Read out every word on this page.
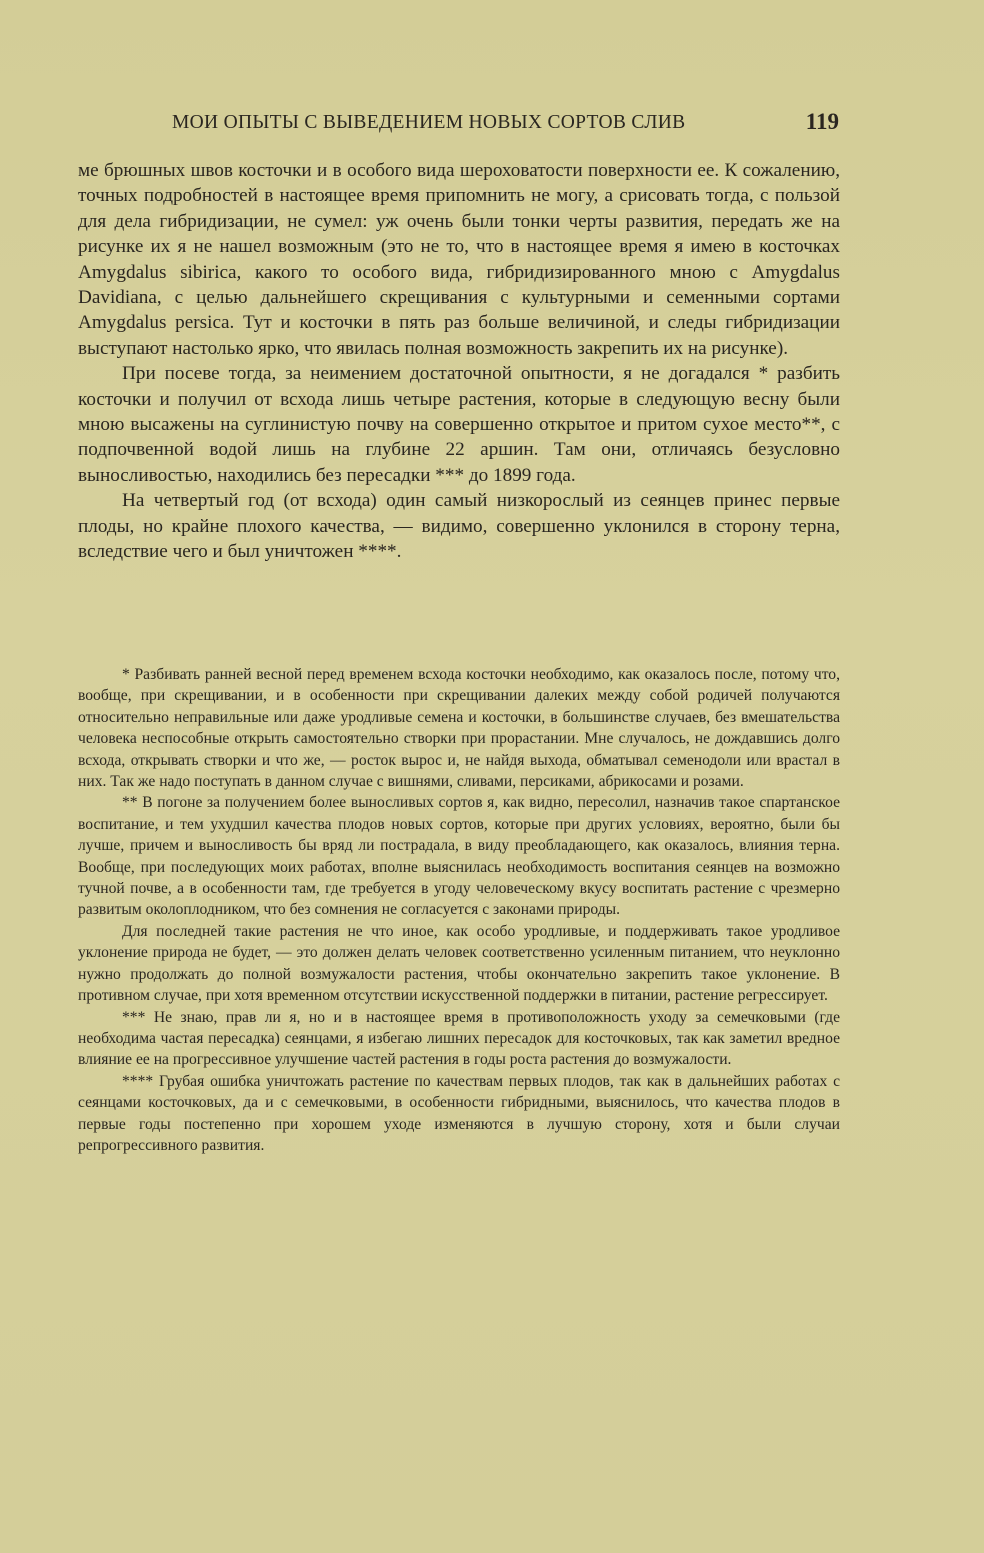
МОИ ОПЫТЫ С ВЫВЕДЕНИЕМ НОВЫХ СОРТОВ СЛИВ	119

ме брюшных швов косточки и в особого вида шероховатости поверхности ее. К сожалению, точных подробностей в настоящее время припомнить не могу, а срисовать тогда, с пользой для дела гибридизации, не сумел: уж очень были тонки черты развития, передать же на рисунке их я не нашел возможным (это не то, что в настоящее время я имею в косточках Amygdalus sibirica, какого то особого вида, гибридизированного мною с Amygdalus Davidiana, с целью дальнейшего скрещивания с культурными и семенными сортами Amygdalus persica. Тут и косточки в пять раз больше величиной, и следы гибридизации выступают настолько ярко, что явилась полная возможность закрепить их на рисунке).

При посеве тогда, за неимением достаточной опытности, я не догадался * разбить косточки и получил от всхода лишь четыре растения, которые в следующую весну были мною высажены на суглинистую почву на совершенно открытое и притом сухое место**, с подпочвенной водой лишь на глубине 22 аршин. Там они, отличаясь безусловно выносливостью, находились без пересадки *** до 1899 года.

На четвертый год (от всхода) один самый низкорослый из сеянцев принес первые плоды, но крайне плохого качества, — видимо, совершенно уклонился в сторону терна, вследствие чего и был уничтожен ****.

* Разбивать ранней весной перед временем всхода косточки необходимо, как оказалось после, потому что, вообще, при скрещивании, и в особенности при скрещивании далеких между собой родичей получаются относительно неправильные или даже уродливые семена и косточки, в большинстве случаев, без вмешательства человека неспособные открыть самостоятельно створки при прорастании. Мне случалось, не дождавшись долго всхода, открывать створки и что же, — росток вырос и, не найдя выхода, обматывал семенодоли или врастал в них. Так же надо поступать в данном случае с вишнями, сливами, персиками, абрикосами и розами.

** В погоне за получением более выносливых сортов я, как видно, пересолил, назначив такое спартанское воспитание, и тем ухудшил качества плодов новых сортов, которые при других условиях, вероятно, были бы лучше, причем и выносливость бы вряд ли пострадала, в виду преобладающего, как оказалось, влияния терна. Вообще, при последующих моих работах, вполне выяснилась необходимость воспитания сеянцев на возможно тучной почве, а в особенности там, где требуется в угоду человеческому вкусу воспитать растение с чрезмерно развитым околоплодником, что без сомнения не согласуется с законами природы.

Для последней такие растения не что иное, как особо уродливые, и поддерживать такое уродливое уклонение природа не будет, — это должен делать человек соответственно усиленным питанием, что неуклонно нужно продолжать до полной возмужалости растения, чтобы окончательно закрепить такое уклонение. В противном случае, при хотя временном отсутствии искусственной поддержки в питании, растение регрессирует.

*** Не знаю, прав ли я, но и в настоящее время в противоположность уходу за семечковыми (где необходима частая пересадка) сеянцами, я избегаю лишних пересадок для косточковых, так как заметил вредное влияние ее на прогрессивное улучшение частей растения в годы роста растения до возмужалости.

**** Грубая ошибка уничтожать растение по качествам первых плодов, так как в дальнейших работах с сеянцами косточковых, да и с семечковыми, в особенности гибридными, выяснилось, что качества плодов в первые годы постепенно при хорошем уходе изменяются в лучшую сторону, хотя и были случаи репрогрессивного развития.
